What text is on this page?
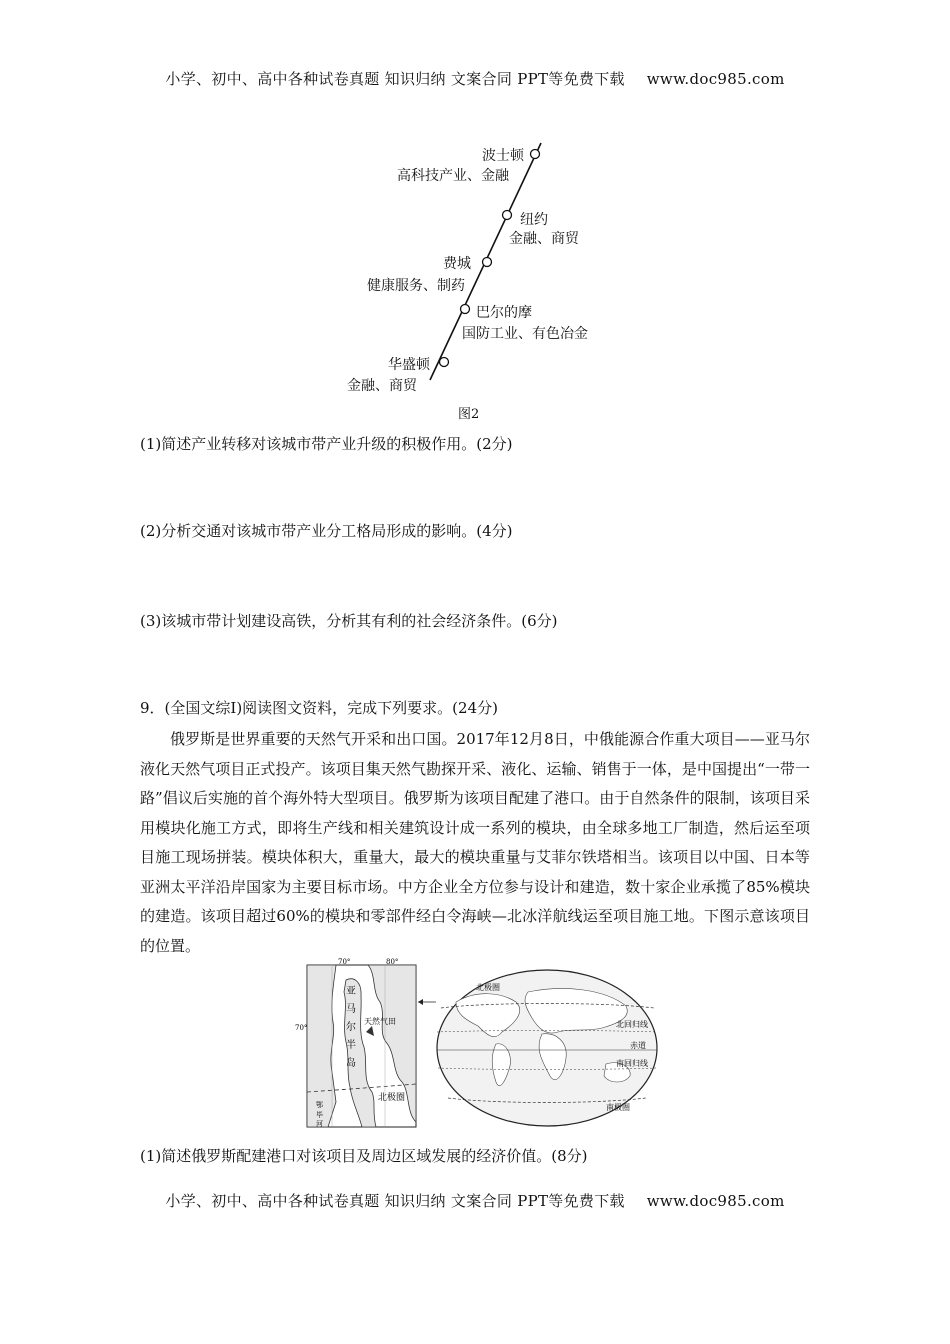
小学、初中、高中各种试卷真题 知识归纳 文案合同 PPT等免费下载 www.doc985.com
波士顿
高科技产业、金融
纽约
金融、商贸
费城
健康服务、制药
巴尔的摩
国防工业、有色冶金
华盛顿
金融、商贸
图2
(1)简述产业转移对该城市带产业升级的积极作用。(2分)
(2)分析交通对该城市带产业分工格局形成的影响。(4分)
(3)该城市带计划建设高铁，分析其有利的社会经济条件。(6分)
9．(全国文综Ⅰ)阅读图文资料，完成下列要求。(24分)

俄罗斯是世界重要的天然气开采和出口国。2017年12月8日，中俄能源合作重大项目——亚马尔液化天然气项目正式投产。该项目集天然气勘探开采、液化、运输、销售于一体，是中国提出“一带一路”倡议后实施的首个海外特大型项目。俄罗斯为该项目配建了港口。由于自然条件的限制，该项目采用模块化施工方式，即将生产线和相关建筑设计成一系列的模块，由全球多地工厂制造，然后运至项目施工现场拼装。模块体积大，重量大，最大的模块重量与艾菲尔铁塔相当。该项目以中国、日本等亚洲太平洋沿岸国家为主要目标市场。中方企业全方位参与设计和建造，数十家企业承揽了85%模块的建造。该项目超过60%的模块和零部件经白令海峡—北冰洋航线运至项目施工地。下图示意该项目的位置。

70°	80°
70°
亚
马
尔
半
岛
天然气田
北极圈
鄂
毕
河
北极圈
北回归线
赤道
南回归线
南极圈
(1)简述俄罗斯配建港口对该项目及周边区域发展的经济价值。(8分)
小学、初中、高中各种试卷真题 知识归纳 文案合同 PPT等免费下载 www.doc985.com
